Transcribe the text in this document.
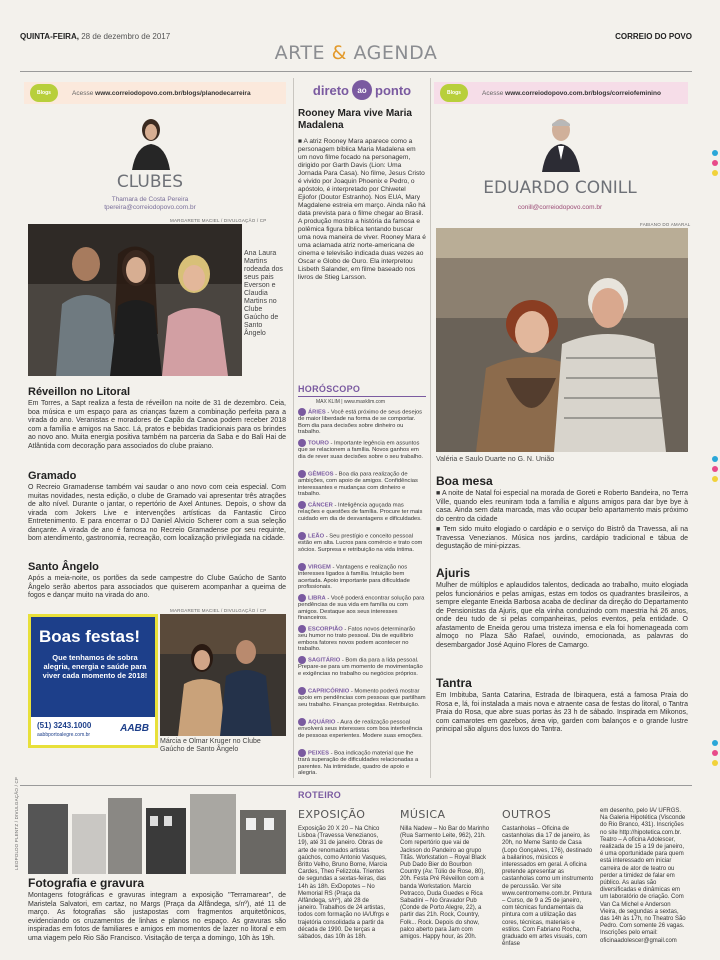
QUINTA-FEIRA, 28 de dezembro de 2017	CORREIO DO POVO
ARTE & AGENDA
Blogs	Acesse www.correiodopovo.com.br/blogs/planodecarreira
CLUBES
Thamara de Costa Pereira
tpereira@correiodopovo.com.br
MARGARETE MACIEL / DIVULGAÇÃO / CP
Ana Laura Martins rodeada dos seus pais Everson e Claudia Martins no Clube Gaúcho de Santo Ângelo
Réveillon no Litoral
Em Torres, a Sapt realiza a festa de réveillon na noite de 31 de dezembro. Ceia, boa música e um espaço para as crianças fazem a combinação perfeita para a virada do ano. Veranistas e moradores de Capão da Canoa podem receber 2018 com a família e amigos na Sacc. Lá, pratos e bebidas tradicionais para os brindes ao novo ano. Muita energia positiva também na parceria da Saba e do Bali Hai de Atlântida com decoração para associados do clube praiano.
Gramado
O Recreio Gramadense também vai saudar o ano novo com ceia especial. Com muitas novidades, nesta edição, o clube de Gramado vai apresentar três atrações de alto nível. Durante o jantar, o repertório de Axel Antunes. Depois, o show da virada com Jokers Live e intervenções artísticas da Fantastic Circo Entretenimento. E para encerrar o DJ Daniel Alvicio Scherer com a sua seleção dançante. A virada de ano é famosa no Recreio Gramadense por seu requinte, bom atendimento, gastronomia, recreação, com localização privilegiada na cidade.
Santo Ângelo
Após a meia-noite, os portões da sede campestre do Clube Gaúcho de Santo Ângelo serão abertos para associados que quiserem acompanhar a queima de fogos e dançar muito na virada do ano.
Boas festas!
Que tenhamos de sobra alegria, energia e saúde para viver cada momento de 2018!
(51) 3243.1000
aabbportoalegre.com.br
AABB
MARGARETE MACIEL / DIVULGAÇÃO / CP
Márcia e Olmar Kruger no Clube Gaúcho de Santo Ângelo
direto	ao ponto
Rooney Mara vive Maria Madalena
■ A atriz Rooney Mara aparece como a personagem bíblica Maria Madalena em um novo filme focado na personagem, dirigido por Garth Davis (Lion: Uma Jornada Para Casa). No filme, Jesus Cristo é vivido por Joaquin Phoenix e Pedro, o apóstolo, é interpretado por Chiwetel Ejiofor (Doutor Estranho). Nos EUA, Mary Magdalene estreia em março. Ainda não há data prevista para o filme chegar ao Brasil. A produção mostra a história da famosa e polêmica figura bíblica tentando buscar uma nova maneira de viver. Rooney Mara é uma aclamada atriz norte-americana de cinema e televisão indicada duas vezes ao Oscar e Globo de Ouro. Ela interpretou Lisbeth Salander, em filme baseado nos livros de Stieg Larsson.
HORÓSCOPO
MAX KLIM | www.maxklim.com
ÁRIES - Você está próximo de seus desejos de maior liberdade na forma de se comportar. Bom dia para decisões sobre dinheiro ou trabalho.
TOURO - Importante legência em assuntos que se relacionem a família. Novos ganhos em dia de rever suas decisões sobre o seu trabalho.
GÊMEOS - Boa dia para realização de ambições, com apoio de amigos. Confidências interessantes e mudanças com dinheiro e trabalho.
CÂNCER - Inteligência aguçada mas relações e questões de família. Procure ter mais cuidado em dia de desvantagens e dificuldades.
LEÃO - Seu prestígio e conceito pessoal estão em alta. Lucros para comércio e trato com sócios. Surpresa e retribuição na vida íntima.
VIRGEM - Vantagens e realização nos interesses ligados à família. Intuição bem acertada. Apoio importante para dificuldade profissionais.
LIBRA - Você poderá encontrar solução para pendências de sua vida em família ou com amigos. Destaque aos seus interesses financeiros.
ESCORPIÃO - Fatos novos determinarão seu humor no trato pessoal. Dia de equilíbrio embora fatores novos podem acontecer no trabalho.
SAGITÁRIO - Bom dia para a lida pessoal. Prepare-se para um momento de movimentação e exigências no trabalho ou negócios próprios.
CAPRICÓRNIO - Momento poderá mostrar apoio em pendências com pessoas que partilham seu trabalho. Finanças protegidas. Retribuição.
AQUÁRIO - Aura de realização pessoal envolverá seus interesses com boa interferência de pessoas experientes. Modere suas emoções.
PEIXES - Boa indicação material que lhe trará superação de dificuldades relacionadas a parentes. Na intimidade, quadro de apoio e alegria.
Blogs	Acesse www.correiodopovo.com.br/blogs/correiofeminino
EDUARDO CONILL
conill@correiodopovo.com.br
FABIANO DO AMARAL
Valéria e Saulo Duarte no G. N. União
Boa mesa
■ A noite de Natal foi especial na morada de Goreti e Roberto Bandeira, no Terra Ville, quando eles reuniram toda a família e alguns amigos para dar bye bye à casa. Ainda sem data marcada, mas vão ocupar belo apartamento mais próximo do centro da cidade
■ Tem sido muito elogiado o cardápio e o serviço do Bistrô da Travessa, ali na Travessa Venezianos. Música nos jardins, cardápio tradicional e tábua de degustação de mini-pizzas.
Ajuris
Mulher de múltiplos e aplaudidos talentos, dedicada ao trabalho, muito elogiada pelos funcionários e pelas amigas, estas em todos os quadrantes brasileiros, a sempre elegante Eneida Barbosa acaba de declinar da direção do Departamento de Pensionistas da Ajuris, que ela vinha conduzindo com maestria há 26 anos, onde deu tudo de si pelas companheiras, pelos eventos, pela entidade. O afastamento de Eneida gerou uma tristeza imensa e ela foi homenageada com almoço no Plaza São Rafael, ouvindo, emocionada, as palavras do desembargador José Aquino Flores de Camargo.
Tantra
Em Imbituba, Santa Catarina, Estrada de Ibiraquera, está a famosa Praia do Rosa e, lá, foi instalada a mais nova e atraente casa de festas do litoral, o Tantra Praia do Rosa, que abre suas portas às 23 h de sábado. Inspirada em Mikonos, com camarotes em gazebos, área vip, garden com balanços e o grande lustre principal são alguns dos luxos do Tantra.
LEOPOLDO PLENTZ / DIVULGAÇÃO / CP
Fotografia e gravura
Montagens fotográficas e gravuras integram a exposição "Terramarear", de Maristela Salvatori, em cartaz, no Margs (Praça da Alfândega, s/nº), até 11 de março. As fotografias são justapostas com fragmentos arquitetônicos, evidenciando os cruzamentos de linhas e planos no espaço. As gravuras são inspiradas em fotos de familiares e amigos em momentos de lazer no litoral e em uma viagem pelo Rio São Francisco. Visitação de terça a domingo, 10h às 19h.
ROTEIRO
EXPOSIÇÃO
Exposição 20 X 20 – Na Chico Lisboa (Travessa Venezianos, 19), até 31 de janeiro. Obras de arte de renomados artistas gaúchos, como Antonio Vasques, Britto Velho, Bruno Borne, Marcia Cardes, Theo Felizzola. Trientes de segundas a sextas-feiras, das 14h às 18h. ExDopotes – No Memorial RS (Praça da Alfândega, s/nº), até 28 de janeiro. Trabalhos de 24 artistas, todos com formação no IA/Ufrgs e trajetória consolidada a partir da década de 1990. De terças a sábados, das 10h às 18h.
MÚSICA
Nilla Nadew – No Bar do Marinho (Rua Sarmento Leite, 962), 21h. Com repertório que vai de Jackson do Pandeiro ao grupo Titãs. Workstation – Royal Black Pub Dado Bier do Bourbon Country (Av. Túlio de Rose, 80), 20h. Festa Pré Réveillon com a banda Workstation. Marcio Petracco, Duda Guedes e Rica Sabadini – No Gravador Pub (Conde de Porto Alegre, 22), a partir das 21h. Rock, Country, Folk... Rock. Depois do show, palco aberto para Jam com amigos. Happy hour, às 20h.
OUTROS
Castanholas – Oficina de castanholas dia 17 de janeiro, às 20h, no Meme Santo de Casa (Lopo Gonçalves, 176), destinado a bailarinos, músicos e interessados em geral. A oficina pretende apresentar as castanholas como um instrumento de percussão. Ver site www.centromeme.com.br. Pintura – Curso, de 9 a 25 de janeiro, com técnicas fundamentais da pintura com a utilização das cores, técnicas, materiais e estilos. Com Fabriano Rocha, graduado em artes visuais, com ênfase
em desenho, pelo IA/ UFRGS. Na Galeria Hipotética (Visconde do Rio Branco, 431). Inscrições no site http://hipotetica.com.br. Teatro – A oficina Adolescer, realizada de 15 a 19 de janeiro, é uma oportunidade para quem está interessado em iniciar carreira de ator de teatro ou perder a timidez de falar em público. As aulas são diversificadas e dinâmicas em um laboratório de criação. Com Van Ca Michel e Anderson Vieira, de segundas a sextas, das 14h às 17h, no Theatro São Pedro. Com somente 26 vagas. Inscrições pelo email: oficinaadolescer@gmail.com
